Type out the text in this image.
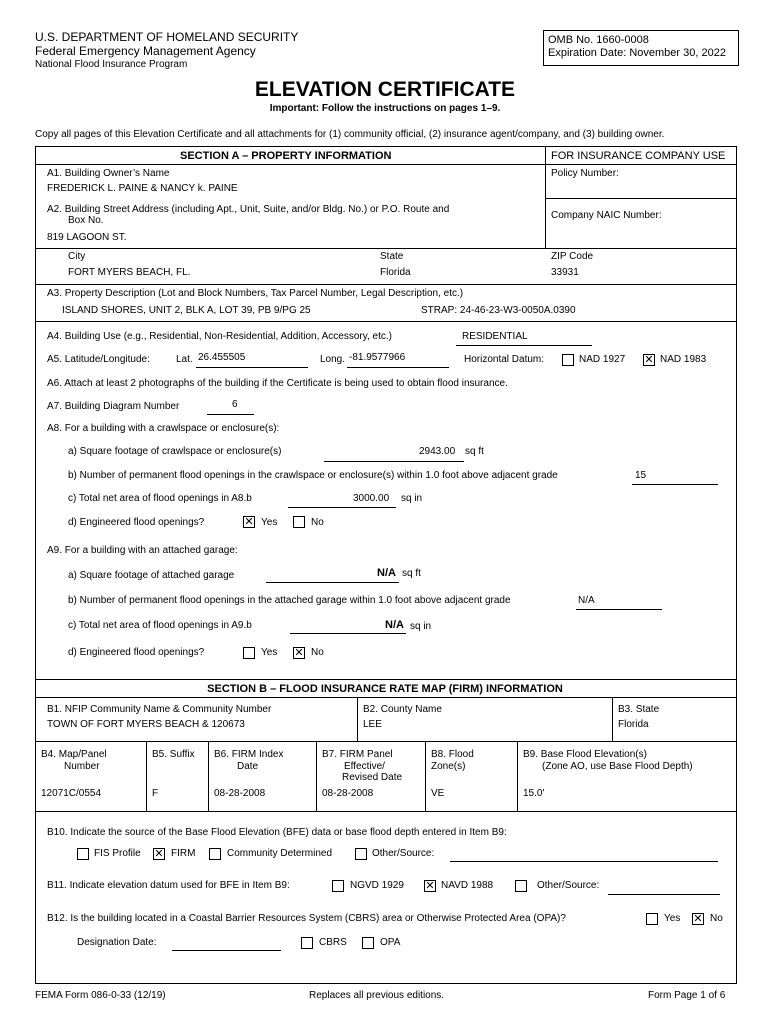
U.S. DEPARTMENT OF HOMELAND SECURITY
Federal Emergency Management Agency
National Flood Insurance Program
OMB No. 1660-0008
Expiration Date: November 30, 2022
ELEVATION CERTIFICATE
Important: Follow the instructions on pages 1–9.
Copy all pages of this Elevation Certificate and all attachments for (1) community official, (2) insurance agent/company, and (3) building owner.
SECTION A – PROPERTY INFORMATION	FOR INSURANCE COMPANY USE
A1. Building Owner’s Name
FREDERICK L. PAINE & NANCY k. PAINE
Policy Number:
A2. Building Street Address (including Apt., Unit, Suite, and/or Bldg. No.) or P.O. Route and
Box No.
819 LAGOON ST.
Company NAIC Number:
City
FORT MYERS BEACH, FL.
State
Florida
ZIP Code
33931
A3. Property Description (Lot and Block Numbers, Tax Parcel Number, Legal Description, etc.)
ISLAND SHORES, UNIT 2, BLK A, LOT 39, PB 9/PG 25	STRAP: 24-46-23-W3-0050A.0390
A4. Building Use (e.g., Residential, Non-Residential, Addition, Accessory, etc.)	RESIDENTIAL
A5. Latitude/Longitude:	Lat. 26.455505	Long. -81.9577966	Horizontal Datum:	NAD 1927 ✕ NAD 1983
A6. Attach at least 2 photographs of the building if the Certificate is being used to obtain flood insurance.
A7. Building Diagram Number	6
A8. For a building with a crawlspace or enclosure(s):
a) Square footage of crawlspace or enclosure(s)	2943.00 sq ft
b) Number of permanent flood openings in the crawlspace or enclosure(s) within 1.0 foot above adjacent grade	15
c) Total net area of flood openings in A8.b	3000.00 sq in
d) Engineered flood openings?	✕ Yes	No
A9. For a building with an attached garage:
a) Square footage of attached garage	N/A sq ft
b) Number of permanent flood openings in the attached garage within 1.0 foot above adjacent grade	N/A
c) Total net area of flood openings in A9.b	N/A sq in
d) Engineered flood openings?	Yes ✕ No
SECTION B – FLOOD INSURANCE RATE MAP (FIRM) INFORMATION
B1. NFIP Community Name & Community Number
TOWN OF FORT MYERS BEACH & 120673
B2. County Name
LEE
B3. State
Florida
B4. Map/Panel
Number
12071C/0554
B5. Suffix
F
B6. FIRM Index
Date
08-28-2008
B7. FIRM Panel
Effective/
Revised Date
08-28-2008
B8. Flood
Zone(s)
VE
B9. Base Flood Elevation(s)
(Zone AO, use Base Flood Depth)
15.0'
B10. Indicate the source of the Base Flood Elevation (BFE) data or base flood depth entered in Item B9:
FIS Profile ✕ FIRM	Community Determined	Other/Source:
B11. Indicate elevation datum used for BFE in Item B9:	NGVD 1929 ✕ NAVD 1988	Other/Source:
B12. Is the building located in a Coastal Barrier Resources System (CBRS) area or Otherwise Protected Area (OPA)?	Yes ✕ No
Designation Date:	CBRS	OPA
FEMA Form 086-0-33 (12/19)	Replaces all previous editions.	Form Page 1 of 6
